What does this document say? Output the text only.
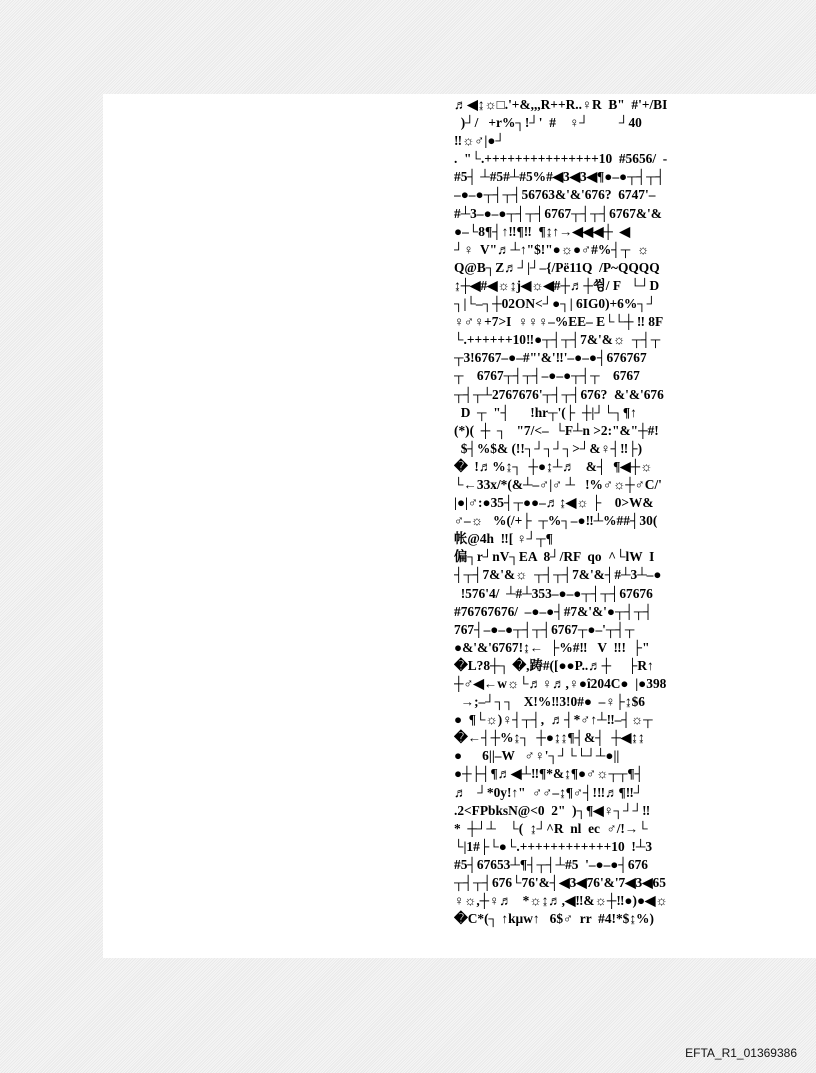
♬◀↨☼□.'+&,,,R++R..♀R  B"  #'+/BI
)┘/   +r%┐!┘'  #    ♀┘         ┘40
‼☼♂|●┘
.  "└.+++++++++++++++10  #5656/  -
#5┤ ┴#5#┴#5%#◀3◀3◀¶●–●┬┤┬┤
–●–●┬┤┬┤56763&'&'676?  6747'–
#┴3–●–●┬┤┬┤6767┬┤┬┤6767&'&
●–└8¶┤↑‼¶‼  ¶↨↑→◀◀◀┼  ◀
┘♀  V"♬┴↑"$!"●☼●♂#%┤┬  ☼
Q@B┐Z♬┘|┘–{/Pë11Q  /P~QQQQ
↨┼◀#◀☼↨j◀☼◀#┼♬┼쓍/ F   └┘D
┐|└–┐┼02ON<┘●┐| 6IG0)+6%┐┘
♀♂♀+7>I  ♀♀♀–%EE– E└└┼ ‼ 8F
└.++++++10‼●┬┤┬┤7&'&☼  ┬┤┬
┬3!6767–●–#"'&'‼'–●–●┤676767
┬    6767┬┤┬┤–●–●┬┤┬    6767
┬┤┬┴2767676'┬┤┬┤676?  &'&'676
D  ┬  "┤      !hr┬'(├  ┼|┘└┐¶↑
(*)(  ┼  ┐   "7/<–  └F┴n >2:"&"┼#!
$┤%$& (!!┐┘┐┘┐>┘&♀┤‼├)
�  !♬%↨┐  ┼●↨┴♬   &┤  ¶◀┼☼
└←33x/*(&┴–♂|♂ ┴   !%♂☼┼♂C/'
|●|♂:●35┤┬●●–♬↨◀☼ ├    0>W&
♂–☼   %(/+├  ┬%┐–●‼┴%##┤30(
帐@4h  ‼[ ♀┘┬¶
偏┐r┘nV┐EA  8┘/RF  qo  ^└lW  I
┤┬┤7&'&☼  ┬┤┬┤7&'&┤#┴3┴–●
!576'4/  ┴#┴353–●–●┬┤┬┤67676
#76767676/  –●–●┤#7&'&'●┬┤┬┤
767┤–●–●┬┤┬┤6767┬●–'┬┤┬
●&'&'6767!↨←  ├%#‼   V  ‼!  ├"
�L?8┼┐ �,踌#([●●P..♬┼     ├R↑
┼♂◀←w☼└♬♀♬,♀●î204C●  |●398
→;–┘┐┐   X!%‼3!0#●  –♀├↨$6
●  ¶└☼)♀┤┬┤,  ♬┤*♂↑┴‼–┤☼┬
�←┤┼%↨┐  ┼●↨↨¶┤&┤  ┼◀↨↨
●      6||–W   ♂♀'┐┘└└┘┴●||
●┼├┤¶♬◀┴‼¶*&↨¶●♂☼┬┬¶┤
♬   ┘*0y!↑"  ♂♂–↨¶♂┤!‼♬¶‼┘
.2<FPbksN@<0  2"  )┐¶◀♀┐┘┘‼
*  ┼┘┴    └(  ↨┘^R  nl  ec  ♂/!→└
└|1#├└●└.++++++++++++10  !┴3
#5┤67653┴¶┤┬┤┴#5  '–●–●┤676
┬┤┬┤676└76'&┤◀3◀76'&'7◀3◀65
♀☼,┼♀♬   *☼↨♬,◀‼&☼┼‼●)●◀☼
�C*(┐ ↑kµw↑   6$♂  rr  #4!*$↨%)
EFTA_R1_01369386
